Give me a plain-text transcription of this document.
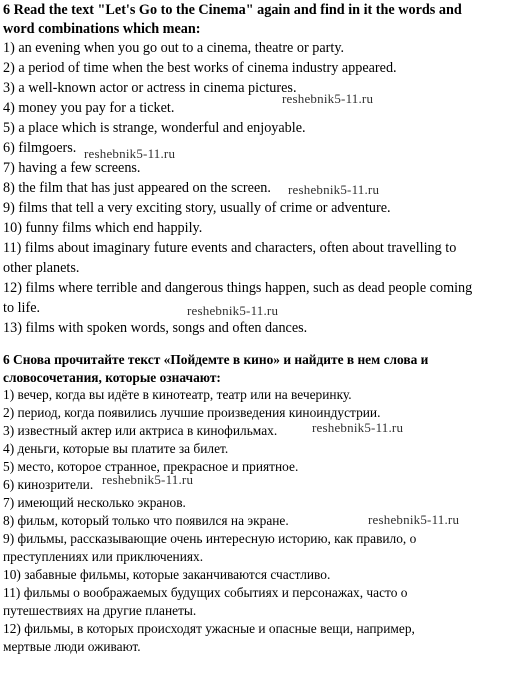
6 Read the text "Let's Go to the Cinema" again and find in it the words and
word combinations which mean:
1) an evening when you go out to a cinema, theatre or party.
2) a period of time when the best works of cinema industry appeared.
3) a well-known actor or actress in cinema pictures.
4) money you pay for a ticket.
5) a place which is strange, wonderful and enjoyable.
6) filmgoers.
7) having a few screens.
8) the film that has just appeared on the screen.
9) films that tell a very exciting story, usually of crime or adventure.
10) funny films which end happily.
11) films about imaginary future events and characters, often about travelling to
other planets.
12) films where terrible and dangerous things happen, such as dead people coming
to life.
13) films with spoken words, songs and often dances.
6 Снова прочитайте текст «Пойдемте в кино» и найдите в нем слова и
словосочетания, которые означают:
1) вечер, когда вы идёте в кинотеатр, театр или на вечеринку.
2) период, когда появились лучшие произведения киноиндустрии.
3) известный актер или актриса в кинофильмах.
4) деньги, которые вы платите за билет.
5) место, которое странное, прекрасное и приятное.
6) кинозрители.
7) имеющий несколько экранов.
8) фильм, который только что появился на экране.
9) фильмы, рассказывающие очень интересную историю, как правило, о
преступлениях или приключениях.
10) забавные фильмы, которые заканчиваются счастливо.
11) фильмы о воображаемых будущих событиях и персонажах, часто о
путешествиях на другие планеты.
12) фильмы, в которых происходят ужасные и опасные вещи, например,
мертвые люди оживают.
reshebnik5-11.ru
reshebnik5-11.ru
reshebnik5-11.ru
reshebnik5-11.ru
reshebnik5-11.ru
reshebnik5-11.ru
reshebnik5-11.ru
